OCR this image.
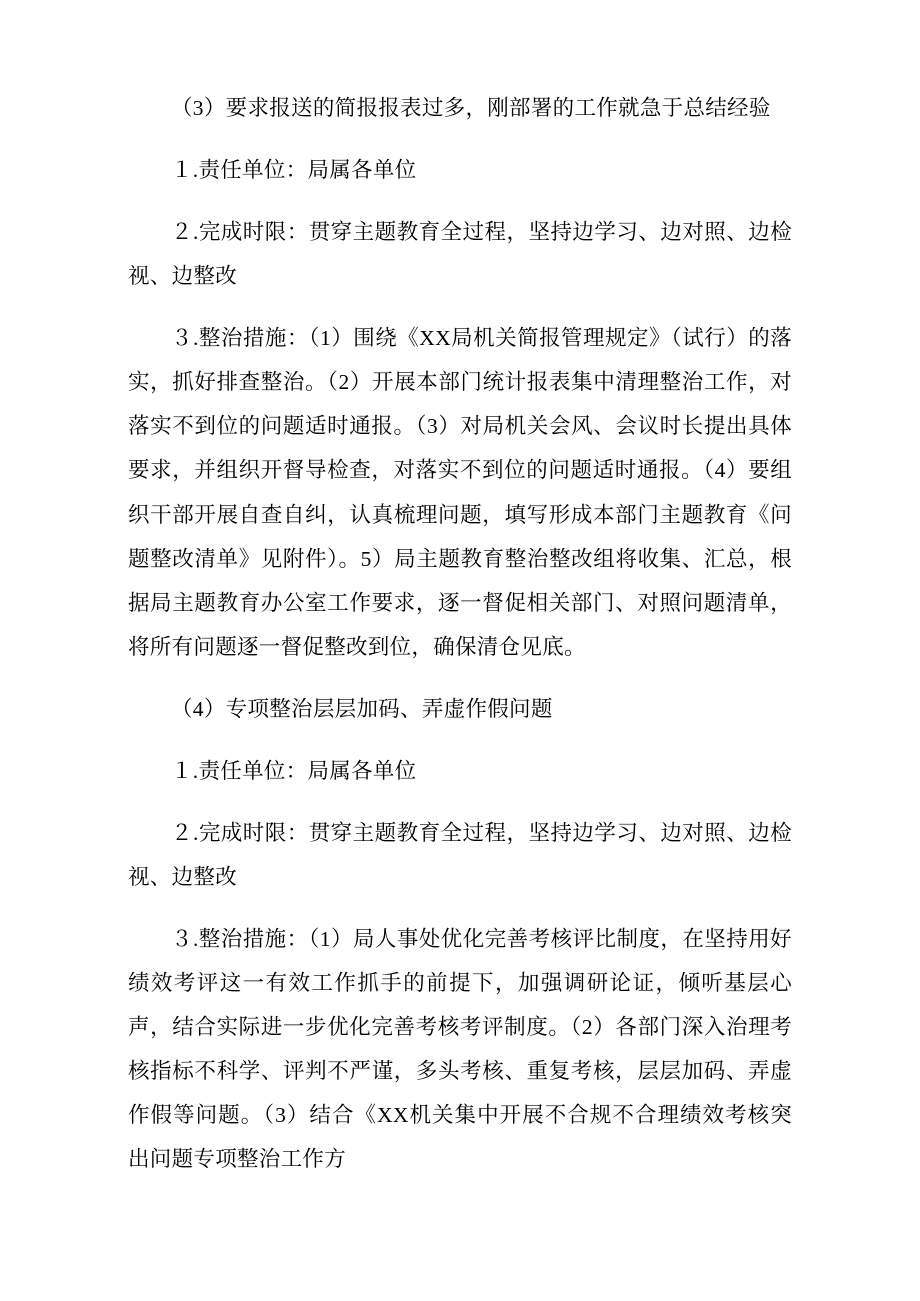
（3）要求报送的简报报表过多，刚部署的工作就急于总结经验

１.责任单位：局属各单位

２.完成时限：贯穿主题教育全过程，坚持边学习、边对照、边检视、边整改

３.整治措施：（1）围绕《XX局机关简报管理规定》（试行）的落实，抓好排查整治。（2）开展本部门统计报表集中清理整治工作，对落实不到位的问题适时通报。（3）对局机关会风、会议时长提出具体要求，并组织开督导检查，对落实不到位的问题适时通报。（4）要组织干部开展自查自纠，认真梳理问题，填写形成本部门主题教育《问题整改清单》见附件）。5）局主题教育整治整改组将收集、汇总，根据局主题教育办公室工作要求，逐一督促相关部门、对照问题清单，将所有问题逐一督促整改到位，确保清仓见底。

（4）专项整治层层加码、弄虚作假问题

１.责任单位：局属各单位

２.完成时限：贯穿主题教育全过程，坚持边学习、边对照、边检视、边整改

３.整治措施：（1）局人事处优化完善考核评比制度，在坚持用好绩效考评这一有效工作抓手的前提下，加强调研论证，倾听基层心声，结合实际进一步优化完善考核考评制度。（2）各部门深入治理考核指标不科学、评判不严谨，多头考核、重复考核，层层加码、弄虚作假等问题。（3）结合《XX机关集中开展不合规不合理绩效考核突出问题专项整治工作方
